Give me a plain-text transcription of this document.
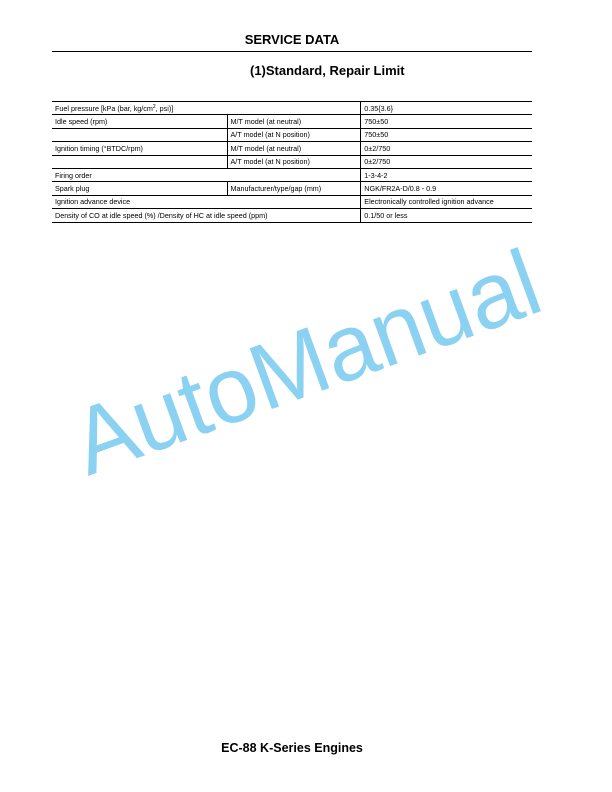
SERVICE DATA
(1)Standard, Repair Limit
Fuel pressure [kPa (bar, $kg/cm^2$, psi)]		0.35{3.6}
Idle speed (rpm)	M/T model (at neutral)	750±50
	A/T model (at N position)	750±50
Ignition timing (°BTDC/rpm)	M/T model (at neutral)	0±2/750
	A/T model (at N position)	0±2/750
Firing order		1-3-4-2
Spark plug	Manufacturer/type/gap (mm)	NGK/FR2A-D/0.8 - 0.9
Ignition advance device		Electronically controlled ignition advance
Density of CO at idle speed (%) /Density of HC at idle speed (ppm)		0.1/50 or less
AutoManual
EC-88 K-Series Engines
